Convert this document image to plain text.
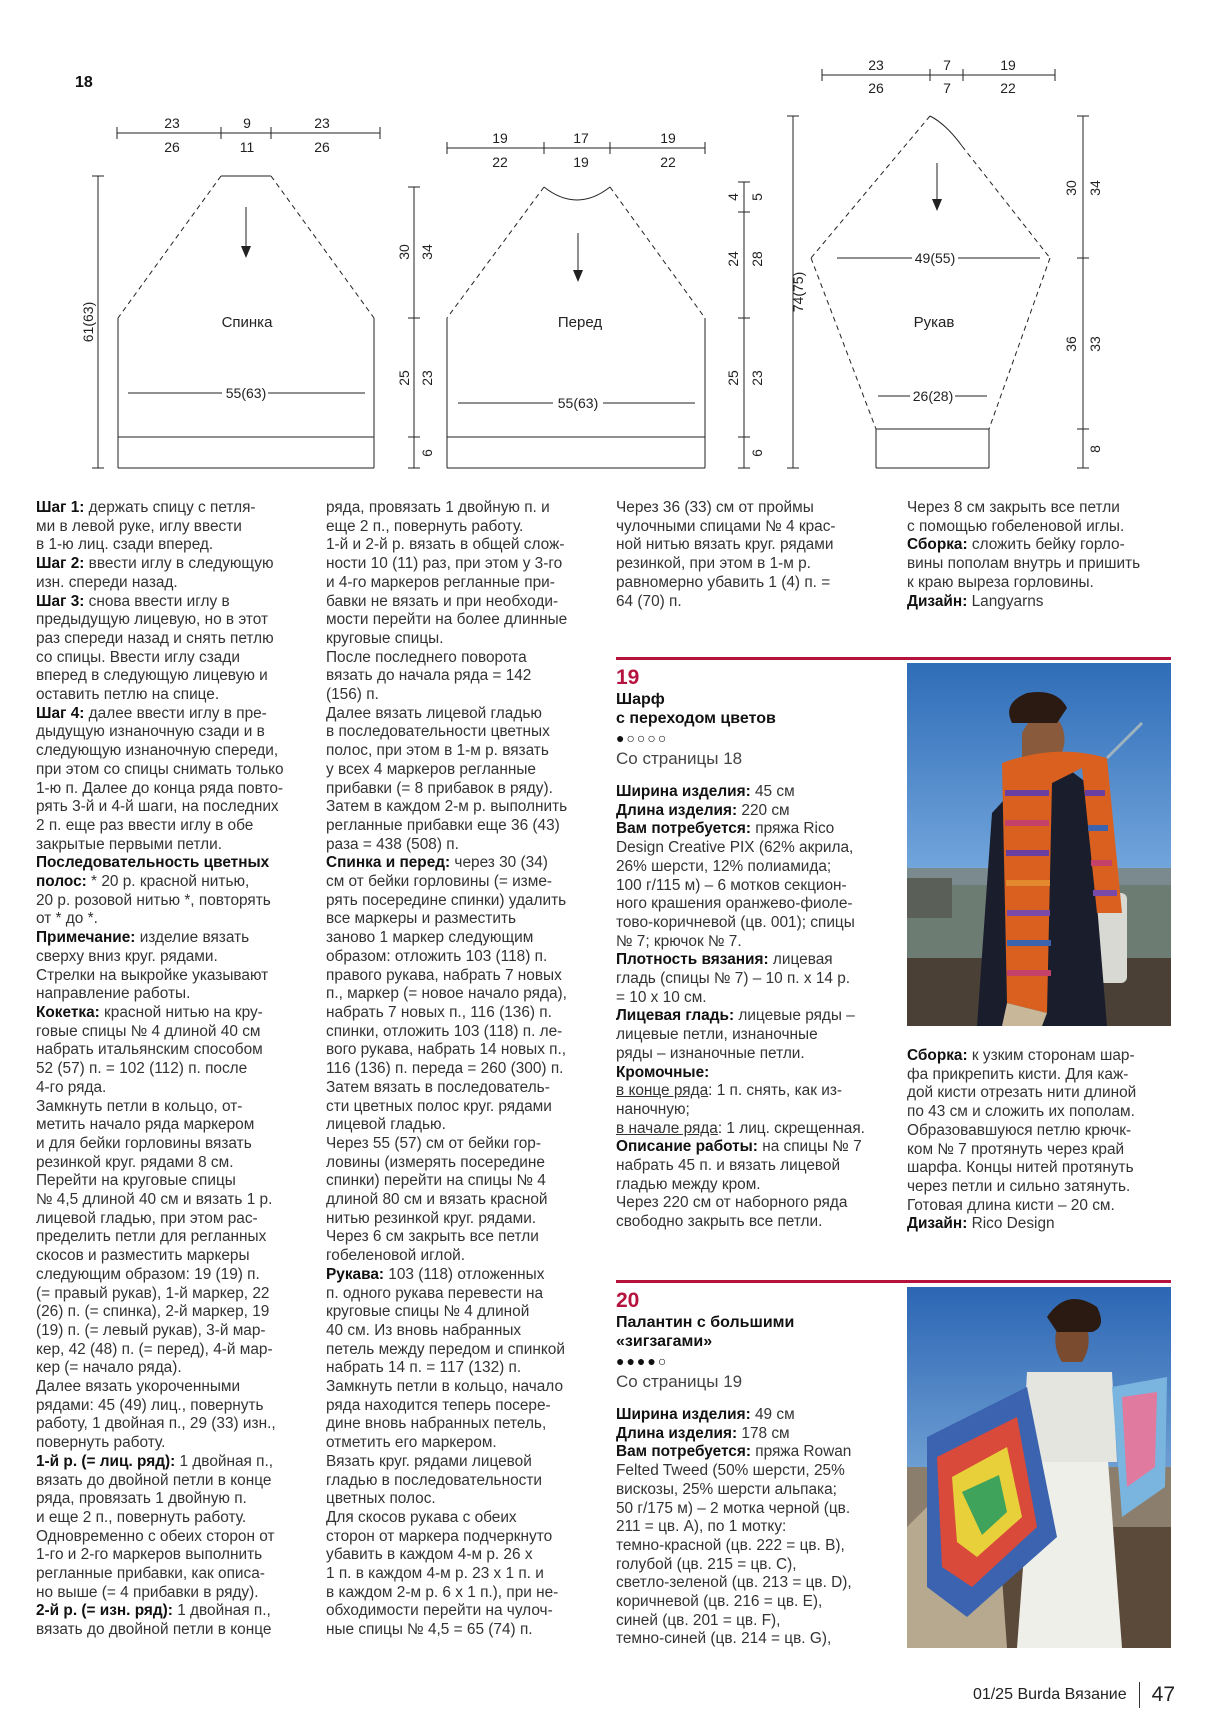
18
23
26
9
11
23
26
Спинка
55(63)
61(63)
19
22
17
19
19
22
Перед
55(63)
30 34
25 23
6
4 5
24 28
25 23
6
23
26
7
7
19
22
Рукав
49(55)
26(28)
74(75)
30 34
36 33
8

Шаг 1: держать спицу с петля-

ми в левой руке, иглу ввести

в 1-ю лиц. сзади вперед.

Шаг 2: ввести иглу в следующую

изн. спереди назад.

Шаг 3: снова ввести иглу в

предыдущую лицевую, но в этот

раз спереди назад и снять петлю

со спицы. Ввести иглу сзади

вперед в следующую лицевую и

оставить петлю на спице.

Шаг 4: далее ввести иглу в пре-

дыдущую изнаночную сзади и в

следующую изнаночную спереди,

при этом со спицы снимать только

1-ю п. Далее до конца ряда повто-

рять 3-й и 4-й шаги, на последних

2 п. еще раз ввести иглу в обе

закрытые первыми петли.

Последовательность цветных

полос: * 20 р. красной нитью,

20 р. розовой нитью *, повторять

от * до *.

Примечание: изделие вязать

сверху вниз круг. рядами.

Стрелки на выкройке указывают

направление работы.

Кокетка: красной нитью на кру-

говые спицы № 4 длиной 40 см

набрать итальянским способом

52 (57) п. = 102 (112) п. после

4-го ряда.

Замкнуть петли в кольцо, от-

метить начало ряда маркером

и для бейки горловины вязать

резинкой круг. рядами 8 см.

Перейти на круговые спицы

№ 4,5 длиной 40 см и вязать 1 р.

лицевой гладью, при этом рас-

пределить петли для регланных

скосов и разместить маркеры

следующим образом: 19 (19) п.

(= правый рукав), 1-й маркер, 22

(26) п. (= спинка), 2-й маркер, 19

(19) п. (= левый рукав), 3-й мар-

кер, 42 (48) п. (= перед), 4-й мар-

кер (= начало ряда).

Далее вязать укороченными

рядами: 45 (49) лиц., повернуть

работу, 1 двойная п., 29 (33) изн.,

повернуть работу.

1-й р. (= лиц. ряд): 1 двойная п.,

вязать до двойной петли в конце

ряда, провязать 1 двойную п.

и еще 2 п., повернуть работу.

Одновременно с обеих сторон от

1-го и 2-го маркеров выполнить

регланные прибавки, как описа-

но выше (= 4 прибавки в ряду).

2-й р. (= изн. ряд): 1 двойная п.,

вязать до двойной петли в конце

ряда, провязать 1 двойную п. и

еще 2 п., повернуть работу.

1-й и 2-й р. вязать в общей слож-

ности 10 (11) раз, при этом у 3-го

и 4-го маркеров регланные при-

бавки не вязать и при необходи-

мости перейти на более длинные

круговые спицы.

После последнего поворота

вязать до начала ряда = 142

(156) п.

Далее вязать лицевой гладью

в последовательности цветных

полос, при этом в 1-м р. вязать

у всех 4 маркеров регланные

прибавки (= 8 прибавок в ряду).

Затем в каждом 2-м р. выполнить

регланные прибавки еще 36 (43)

раза = 438 (508) п.

Спинка и перед: через 30 (34)

см от бейки горловины (= изме-

рять посередине спинки) удалить

все маркеры и разместить

заново 1 маркер следующим

образом: отложить 103 (118) п.

правого рукава, набрать 7 новых

п., маркер (= новое начало ряда),

набрать 7 новых п., 116 (136) п.

спинки, отложить 103 (118) п. ле-

вого рукава, набрать 14 новых п.,

116 (136) п. переда = 260 (300) п.

Затем вязать в последователь-

сти цветных полос круг. рядами

лицевой гладью.

Через 55 (57) см от бейки гор-

ловины (измерять посередине

спинки) перейти на спицы № 4

длиной 80 см и вязать красной

нитью резинкой круг. рядами.

Через 6 см закрыть все петли

гобеленовой иглой.

Рукава: 103 (118) отложенных

п. одного рукава перевести на

круговые спицы № 4 длиной

40 см. Из вновь набранных

петель между передом и спинкой

набрать 14 п. = 117 (132) п.

Замкнуть петли в кольцо, начало

ряда находится теперь посере-

дине вновь набранных петель,

отметить его маркером.

Вязать круг. рядами лицевой

гладью в последовательности

цветных полос.

Для скосов рукава с обеих

сторон от маркера подчеркнуто

убавить в каждом 4-м р. 26 х

1 п. в каждом 4-м р. 23 х 1 п. и

в каждом 2-м р. 6 х 1 п.), при не-

обходимости перейти на чулоч-

ные спицы № 4,5 = 65 (74) п.

Через 36 (33) см от проймы

чулочными спицами № 4 крас-

ной нитью вязать круг. рядами

резинкой, при этом в 1-м р.

равномерно убавить 1 (4) п. =

64 (70) п.

Через 8 см закрыть все петли

с помощью гобеленовой иглы.

Сборка: сложить бейку горло-

вины пополам внутрь и пришить

к краю выреза горловины.

Дизайн: Langyarns

19
Шарф
с переходом цветов
●○○○○
Со страницы 18

Ширина изделия: 45 см

Длина изделия: 220 см

Вам потребуется: пряжа Rico

Design Creative PIX (62% акрила,

26% шерсти, 12% полиамида;

100 г/115 м) – 6 мотков секцион-

ного крашения оранжево-фиоле-

тово-коричневой (цв. 001); спицы

№ 7; крючок № 7.

Плотность вязания: лицевая

гладь (спицы № 7) – 10 п. х 14 р.

= 10 х 10 см.

Лицевая гладь: лицевые ряды –

лицевые петли, изнаночные

ряды – изнаночные петли.

Кромочные:

в конце ряда: 1 п. снять, как из-

наночную;

в начале ряда: 1 лиц. скрещенная.

Описание работы: на спицы № 7

набрать 45 п. и вязать лицевой

гладью между кром.

Через 220 см от наборного ряда

свободно закрыть все петли.

Сборка: к узким сторонам шар-

фа прикрепить кисти. Для каж-

дой кисти отрезать нити длиной

по 43 см и сложить их пополам.

Образовавшуюся петлю крючк-

ком № 7 протянуть через край

шарфа. Концы нитей протянуть

через петли и сильно затянуть.

Готовая длина кисти – 20 см.

Дизайн: Rico Design

20
Палантин с большими
«зигзагами»
●●●●○
Со страницы 19

Ширина изделия: 49 см

Длина изделия: 178 см

Вам потребуется: пряжа Rowan

Felted Tweed (50% шерсти, 25%

вискозы, 25% шерсти альпака;

50 г/175 м) – 2 мотка черной (цв.

211 = цв. A), по 1 мотку:

темно-красной (цв. 222 = цв. B),

голубой (цв. 215 = цв. C),

светло-зеленой (цв. 213 = цв. D),

коричневой (цв. 216 = цв. E),

синей (цв. 201 = цв. F),

темно-синей (цв. 214 = цв. G),

01/25 Burda Вязание 47
